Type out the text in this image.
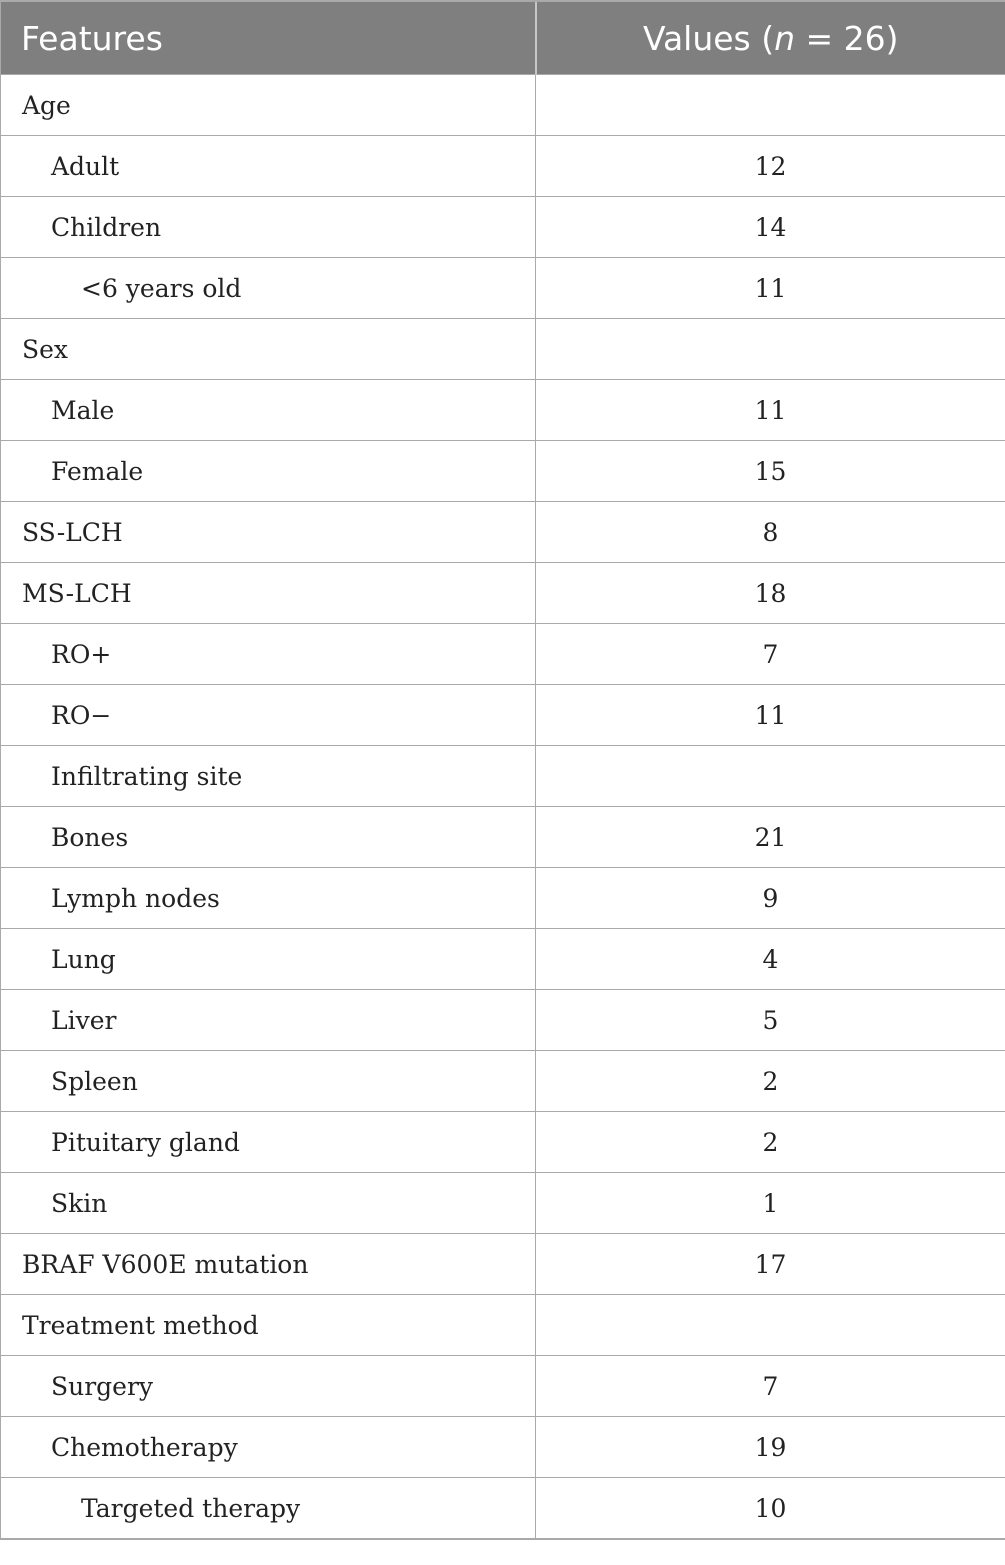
Features	Values (n = 26)
Age	
Adult	12
Children	14
<6 years old	11
Sex	
Male	11
Female	15
SS-LCH	8
MS-LCH	18
RO+	7
RO−	11
Infiltrating site	
Bones	21
Lymph nodes	9
Lung	4
Liver	5
Spleen	2
Pituitary gland	2
Skin	1
BRAF V600E mutation	17
Treatment method	
Surgery	7
Chemotherapy	19
Targeted therapy	10
